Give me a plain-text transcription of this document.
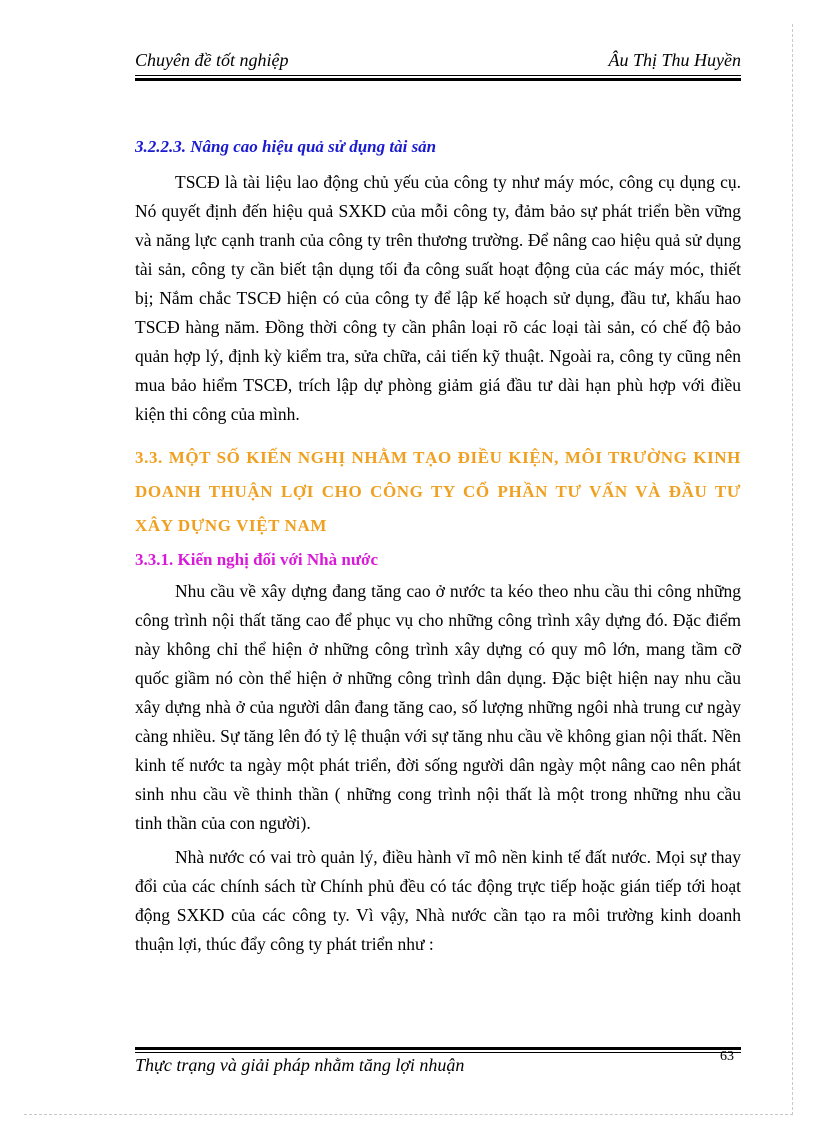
Chuyên đề tốt nghiệp	Âu Thị Thu Huyền
3.2.2.3. Nâng cao hiệu quả sử dụng tài sản

TSCĐ là tài liệu lao động chủ yếu của công ty như máy móc, công cụ dụng cụ. Nó quyết định đến hiệu quả SXKD của mỗi công ty, đảm bảo sự phát triển bền vững và năng lực cạnh tranh của công ty trên thương trường. Để nâng cao hiệu quả sử dụng tài sản, công ty cần biết tận dụng tối đa công suất hoạt động của các máy móc, thiết bị; Nắm chắc TSCĐ hiện có của công ty để lập kế hoạch sử dụng, đầu tư, khấu hao TSCĐ hàng năm. Đồng thời công ty cần phân loại rõ các loại tài sản, có chế độ bảo quản hợp lý, định kỳ kiểm tra, sửa chữa, cải tiến kỹ thuật. Ngoài ra, công ty cũng nên mua bảo hiểm TSCĐ, trích lập dự phòng giảm giá đầu tư dài hạn phù hợp với điều kiện thi công của mình.

3.3. MỘT SỐ KIẾN NGHỊ NHẰM TẠO ĐIỀU KIỆN, MÔI TRƯỜNG KINH DOANH THUẬN LỢI CHO CÔNG TY CỔ PHẦN TƯ VẤN VÀ ĐẦU TƯ XÂY DỰNG VIỆT NAM
3.3.1. Kiến nghị đối với Nhà nước

Nhu cầu về xây dựng đang tăng cao ở nước ta kéo theo nhu cầu thi công những công trình nội thất tăng cao để phục vụ cho những công trình xây dựng đó. Đặc điểm này không chỉ thể hiện ở những công trình xây dựng có quy mô lớn, mang tầm cỡ quốc giầm nó còn thể hiện ở những công trình dân dụng. Đặc biệt hiện nay nhu cầu xây dựng nhà ở của người dân đang tăng cao, số lượng những ngôi nhà trung cư ngày càng nhiều. Sự tăng lên đó tỷ lệ thuận với sự tăng nhu cầu về không gian nội thất. Nền kinh tế nước ta ngày một phát triển, đời sống người dân ngày một nâng cao nên phát sinh nhu cầu về thinh thần ( những cong trình nội thất là một trong những nhu cầu tinh thần của con người).

Nhà nước có vai trò quản lý, điều hành vĩ mô nền kinh tế đất nước. Mọi sự thay đổi của các chính sách từ Chính phủ đều có tác động trực tiếp hoặc gián tiếp tới hoạt động SXKD của các công ty. Vì vậy, Nhà nước cần tạo ra môi trường kinh doanh thuận lợi, thúc đẩy công ty phát triển như :

Thực trạng và giải pháp nhằm tăng lợi nhuận	63
